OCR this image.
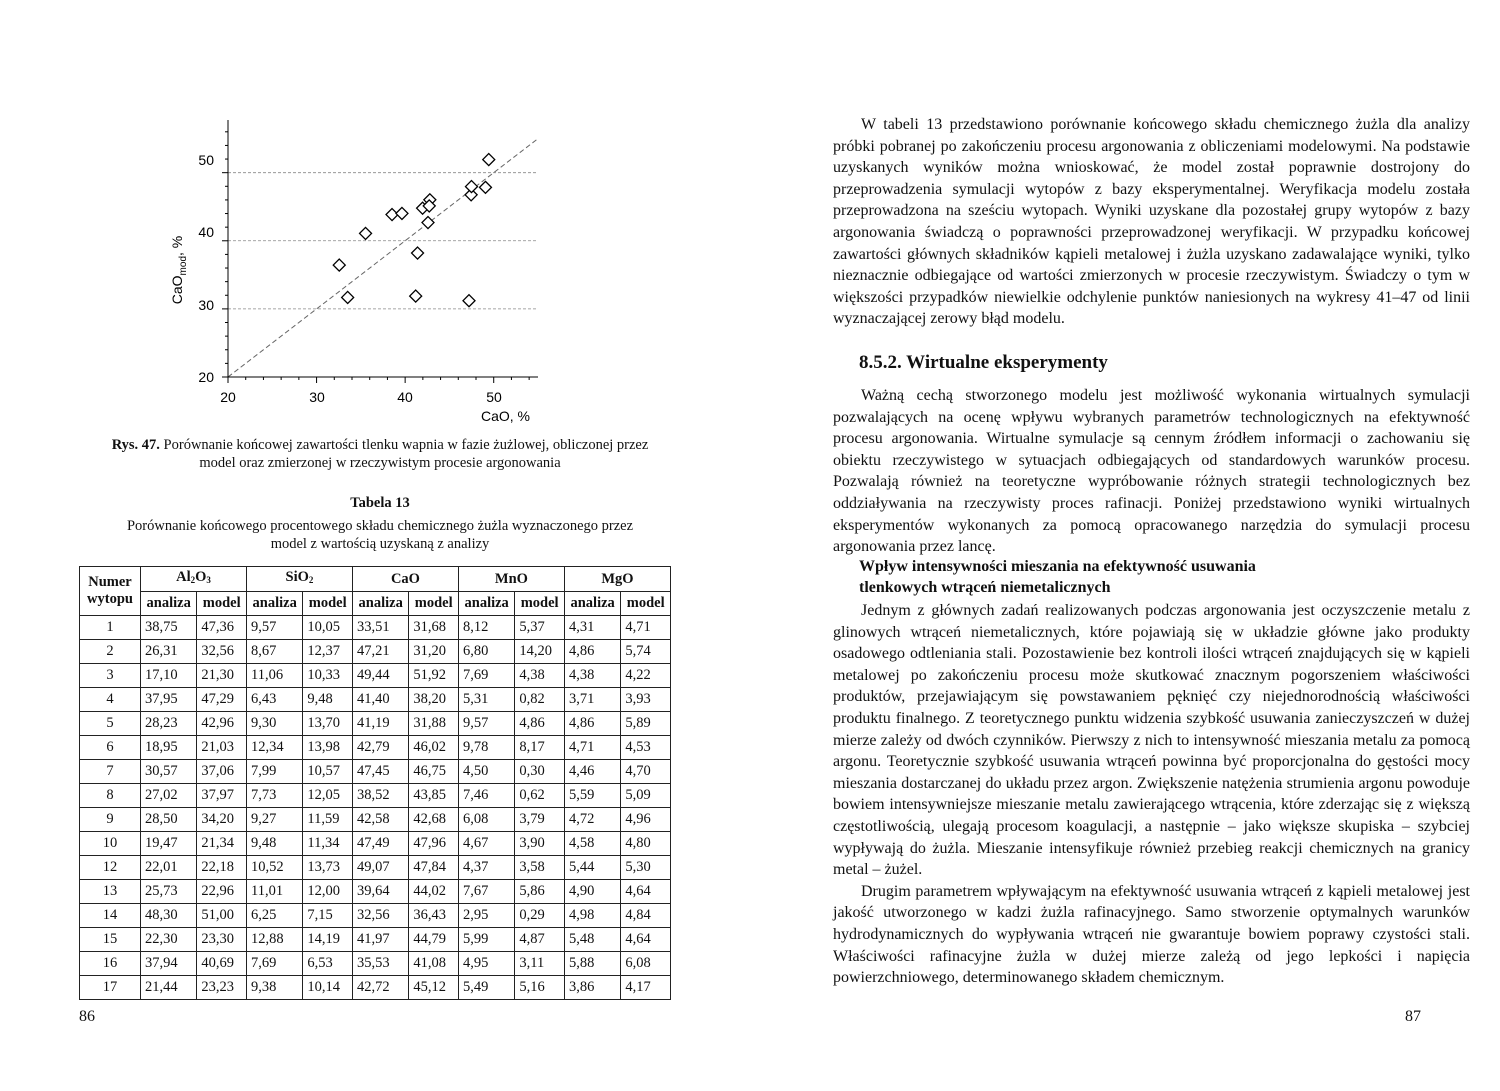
20	30	40	50
20
30
40
50
CaO, %
CaO$_{mod}$, %
Rys. 47. Porównanie końcowej zawartości tlenku wapnia w fazie żużlowej, obliczonej przez model oraz zmierzonej w rzeczywistym procesie argonowania
Tabela 13
Porównanie końcowego procentowego składu chemicznego żużla wyznaczonego przez model z wartością uzyskaną z analizy
Numer
wytopu	$Al_2O_3$		SiO$_2$		CaO		MnO		MgO	
	analiza	model	analiza	model	analiza	model	analiza	model	analiza	model
1	38,75	47,36	9,57	10,05	33,51	31,68	8,12	5,37	4,31	4,71
2	26,31	32,56	8,67	12,37	47,21	31,20	6,80	14,20	4,86	5,74
3	17,10	21,30	11,06	10,33	49,44	51,92	7,69	4,38	4,38	4,22
4	37,95	47,29	6,43	9,48	41,40	38,20	5,31	0,82	3,71	3,93
5	28,23	42,96	9,30	13,70	41,19	31,88	9,57	4,86	4,86	5,89
6	18,95	21,03	12,34	13,98	42,79	46,02	9,78	8,17	4,71	4,53
7	30,57	37,06	7,99	10,57	47,45	46,75	4,50	0,30	4,46	4,70
8	27,02	37,97	7,73	12,05	38,52	43,85	7,46	0,62	5,59	5,09
9	28,50	34,20	9,27	11,59	42,58	42,68	6,08	3,79	4,72	4,96
10	19,47	21,34	9,48	11,34	47,49	47,96	4,67	3,90	4,58	4,80
12	22,01	22,18	10,52	13,73	49,07	47,84	4,37	3,58	5,44	5,30
13	25,73	22,96	11,01	12,00	39,64	44,02	7,67	5,86	4,90	4,64
14	48,30	51,00	6,25	7,15	32,56	36,43	2,95	0,29	4,98	4,84
15	22,30	23,30	12,88	14,19	41,97	44,79	5,99	4,87	5,48	4,64
16	37,94	40,69	7,69	6,53	35,53	41,08	4,95	3,11	5,88	6,08
17	21,44	23,23	9,38	10,14	42,72	45,12	5,49	5,16	3,86	4,17
86

W tabeli 13 przedstawiono porównanie końcowego składu chemicznego żużla dla analizy próbki pobranej po zakończeniu procesu argonowania z obliczeniami modelowymi. Na podstawie uzyskanych wyników można wnioskować, że model został poprawnie dostrojony do przeprowadzenia symulacji wytopów z bazy eksperymentalnej. Weryfikacja modelu została przeprowadzona na sześciu wytopach. Wyniki uzyskane dla pozostałej grupy wytopów z bazy argonowania świadczą o poprawności przeprowadzonej weryfikacji. W przypadku końcowej zawartości głównych składników kąpieli metalowej i żużla uzyskano zadawalające wyniki, tylko nieznacznie odbiegające od wartości zmierzonych w procesie rzeczywistym. Świadczy o tym w większości przypadków niewielkie odchylenie punktów naniesionych na wykresy 41–47 od linii wyznaczającej zerowy błąd modelu.

8.5.2. Wirtualne eksperymenty

Ważną cechą stworzonego modelu jest możliwość wykonania wirtualnych symulacji pozwalających na ocenę wpływu wybranych parametrów technologicznych na efektywność procesu argonowania. Wirtualne symulacje są cennym źródłem informacji o zachowaniu się obiektu rzeczywistego w sytuacjach odbiegających od standardowych warunków procesu. Pozwalają również na teoretyczne wypróbowanie różnych strategii technologicznych bez oddziaływania na rzeczywisty proces rafinacji. Poniżej przedstawiono wyniki wirtualnych eksperymentów wykonanych za pomocą opracowanego narzędzia do symulacji procesu argonowania przez lancę.

Wpływ intensywności mieszania na efektywność usuwania
tlenkowych wtrąceń niemetalicznych

Jednym z głównych zadań realizowanych podczas argonowania jest oczyszczenie metalu z glinowych wtrąceń niemetalicznych, które pojawiają się w układzie główne jako produkty osadowego odtleniania stali. Pozostawienie bez kontroli ilości wtrąceń znajdujących się w kąpieli metalowej po zakończeniu procesu może skutkować znacznym pogorszeniem właściwości produktów, przejawiającym się powstawaniem pęknięć czy niejednorodnością właściwości produktu finalnego. Z teoretycznego punktu widzenia szybkość usuwania zanieczyszczeń w dużej mierze zależy od dwóch czynników. Pierwszy z nich to intensywność mieszania metalu za pomocą argonu. Teoretycznie szybkość usuwania wtrąceń powinna być proporcjonalna do gęstości mocy mieszania dostarczanej do układu przez argon. Zwiększenie natężenia strumienia argonu powoduje bowiem intensywniejsze mieszanie metalu zawierającego wtrącenia, które zderzając się z większą częstotliwością, ulegają procesom koagulacji, a następnie – jako większe skupiska – szybciej wypływają do żużla. Mieszanie intensyfikuje również przebieg reakcji chemicznych na granicy metal – żużel.

Drugim parametrem wpływającym na efektywność usuwania wtrąceń z kąpieli metalowej jest jakość utworzonego w kadzi żużla rafinacyjnego. Samo stworzenie optymalnych warunków hydrodynamicznych do wypływania wtrąceń nie gwarantuje bowiem poprawy czystości stali. Właściwości rafinacyjne żużla w dużej mierze zależą od jego lepkości i napięcia powierzchniowego, determinowanego składem chemicznym.

87
